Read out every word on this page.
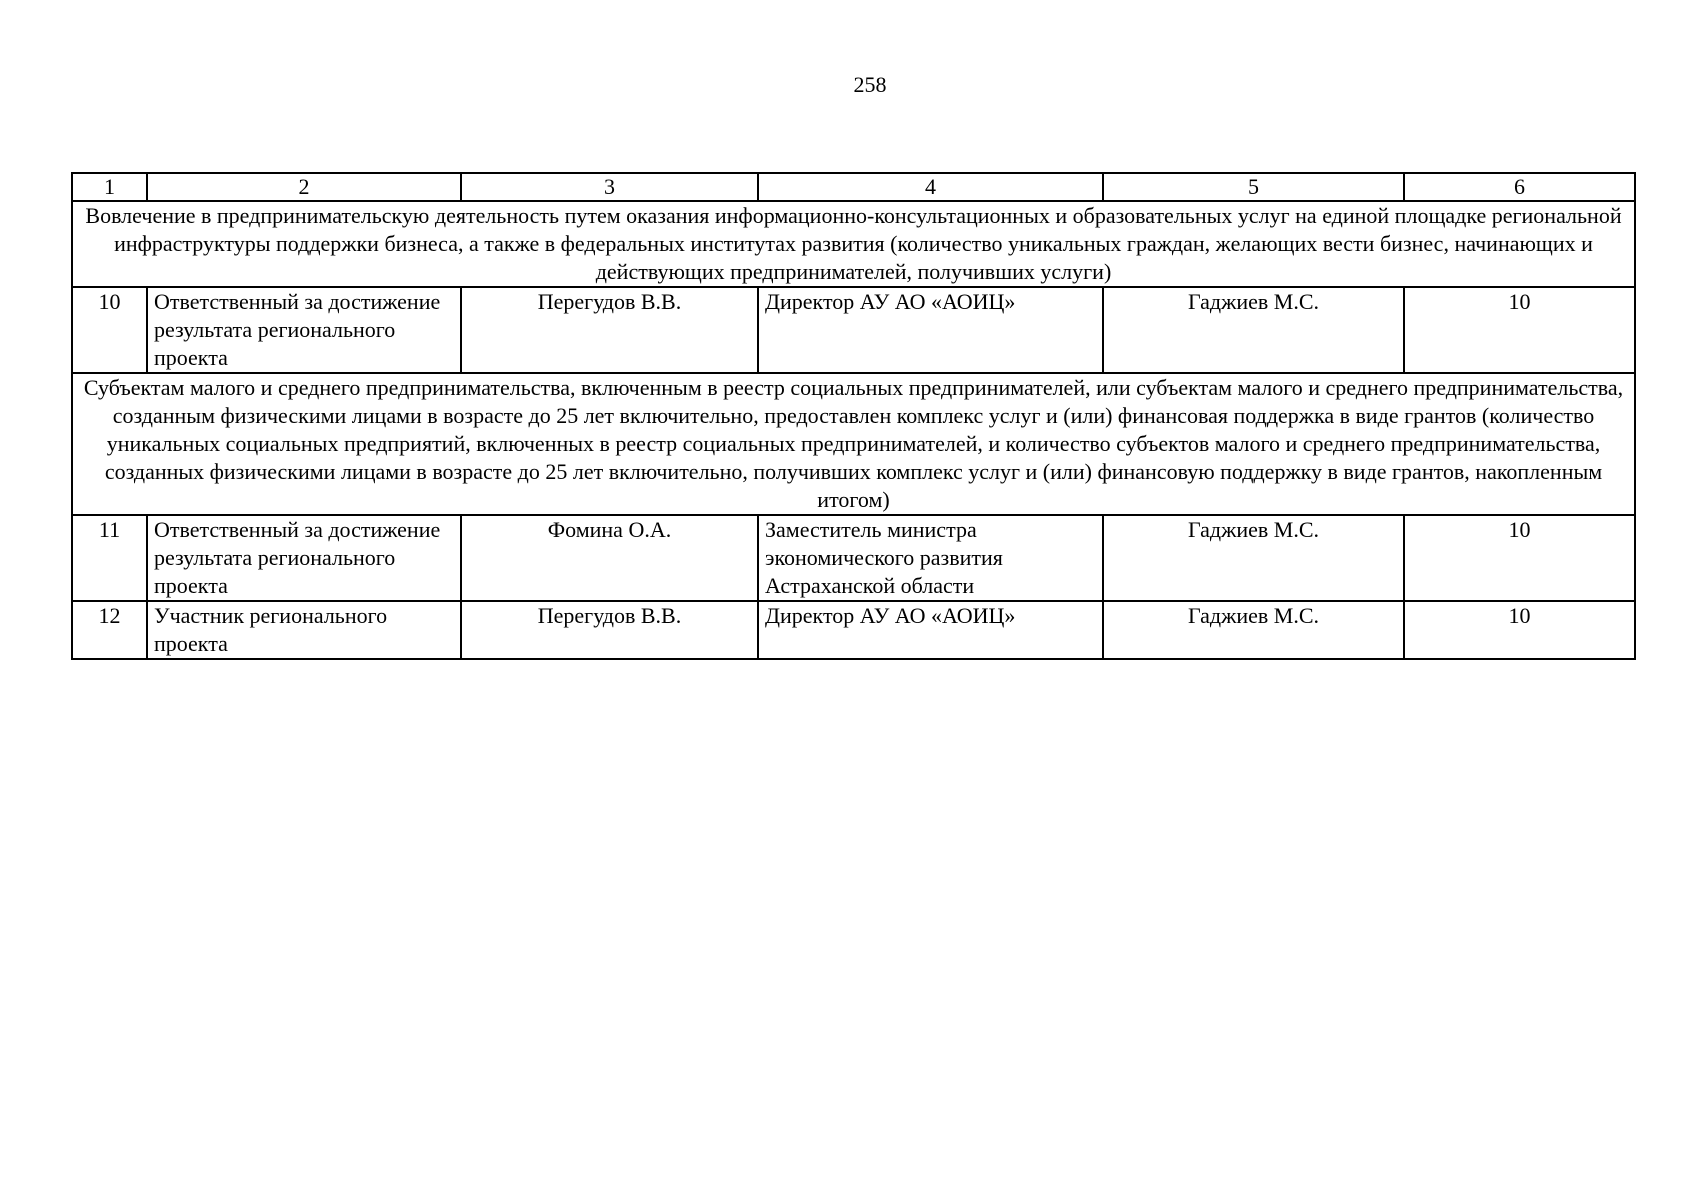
258
1	2	3	4	5	6
Вовлечение в предпринимательскую деятельность путем оказания информационно-консультационных и образовательных услуг на единой площадке региональной инфраструктуры поддержки бизнеса, а также в федеральных институтах развития (количество уникальных граждан, желающих вести бизнес, начинающих и действующих предпринимателей, получивших услуги)					
10	Ответственный за достижение результата регионального проекта	Перегудов В.В.	Директор АУ АО «АОИЦ»	Гаджиев М.С.	10
Субъектам малого и среднего предпринимательства, включенным в реестр социальных предпринимателей, или субъектам малого и среднего предпринимательства, созданным физическими лицами в возрасте до 25 лет включительно, предоставлен комплекс услуг и (или) финансовая поддержка в виде грантов (количество уникальных социальных предприятий, включенных в реестр социальных предпринимателей, и количество субъектов малого и среднего предпринимательства, созданных физическими лицами в возрасте до 25 лет включительно, получивших комплекс услуг и (или) финансовую поддержку в виде грантов, накопленным итогом)					
11	Ответственный за достижение результата регионального проекта	Фомина О.А.	Заместитель министра экономического развития Астраханской области	Гаджиев М.С.	10
12	Участник регионального проекта	Перегудов В.В.	Директор АУ АО «АОИЦ»	Гаджиев М.С.	10
